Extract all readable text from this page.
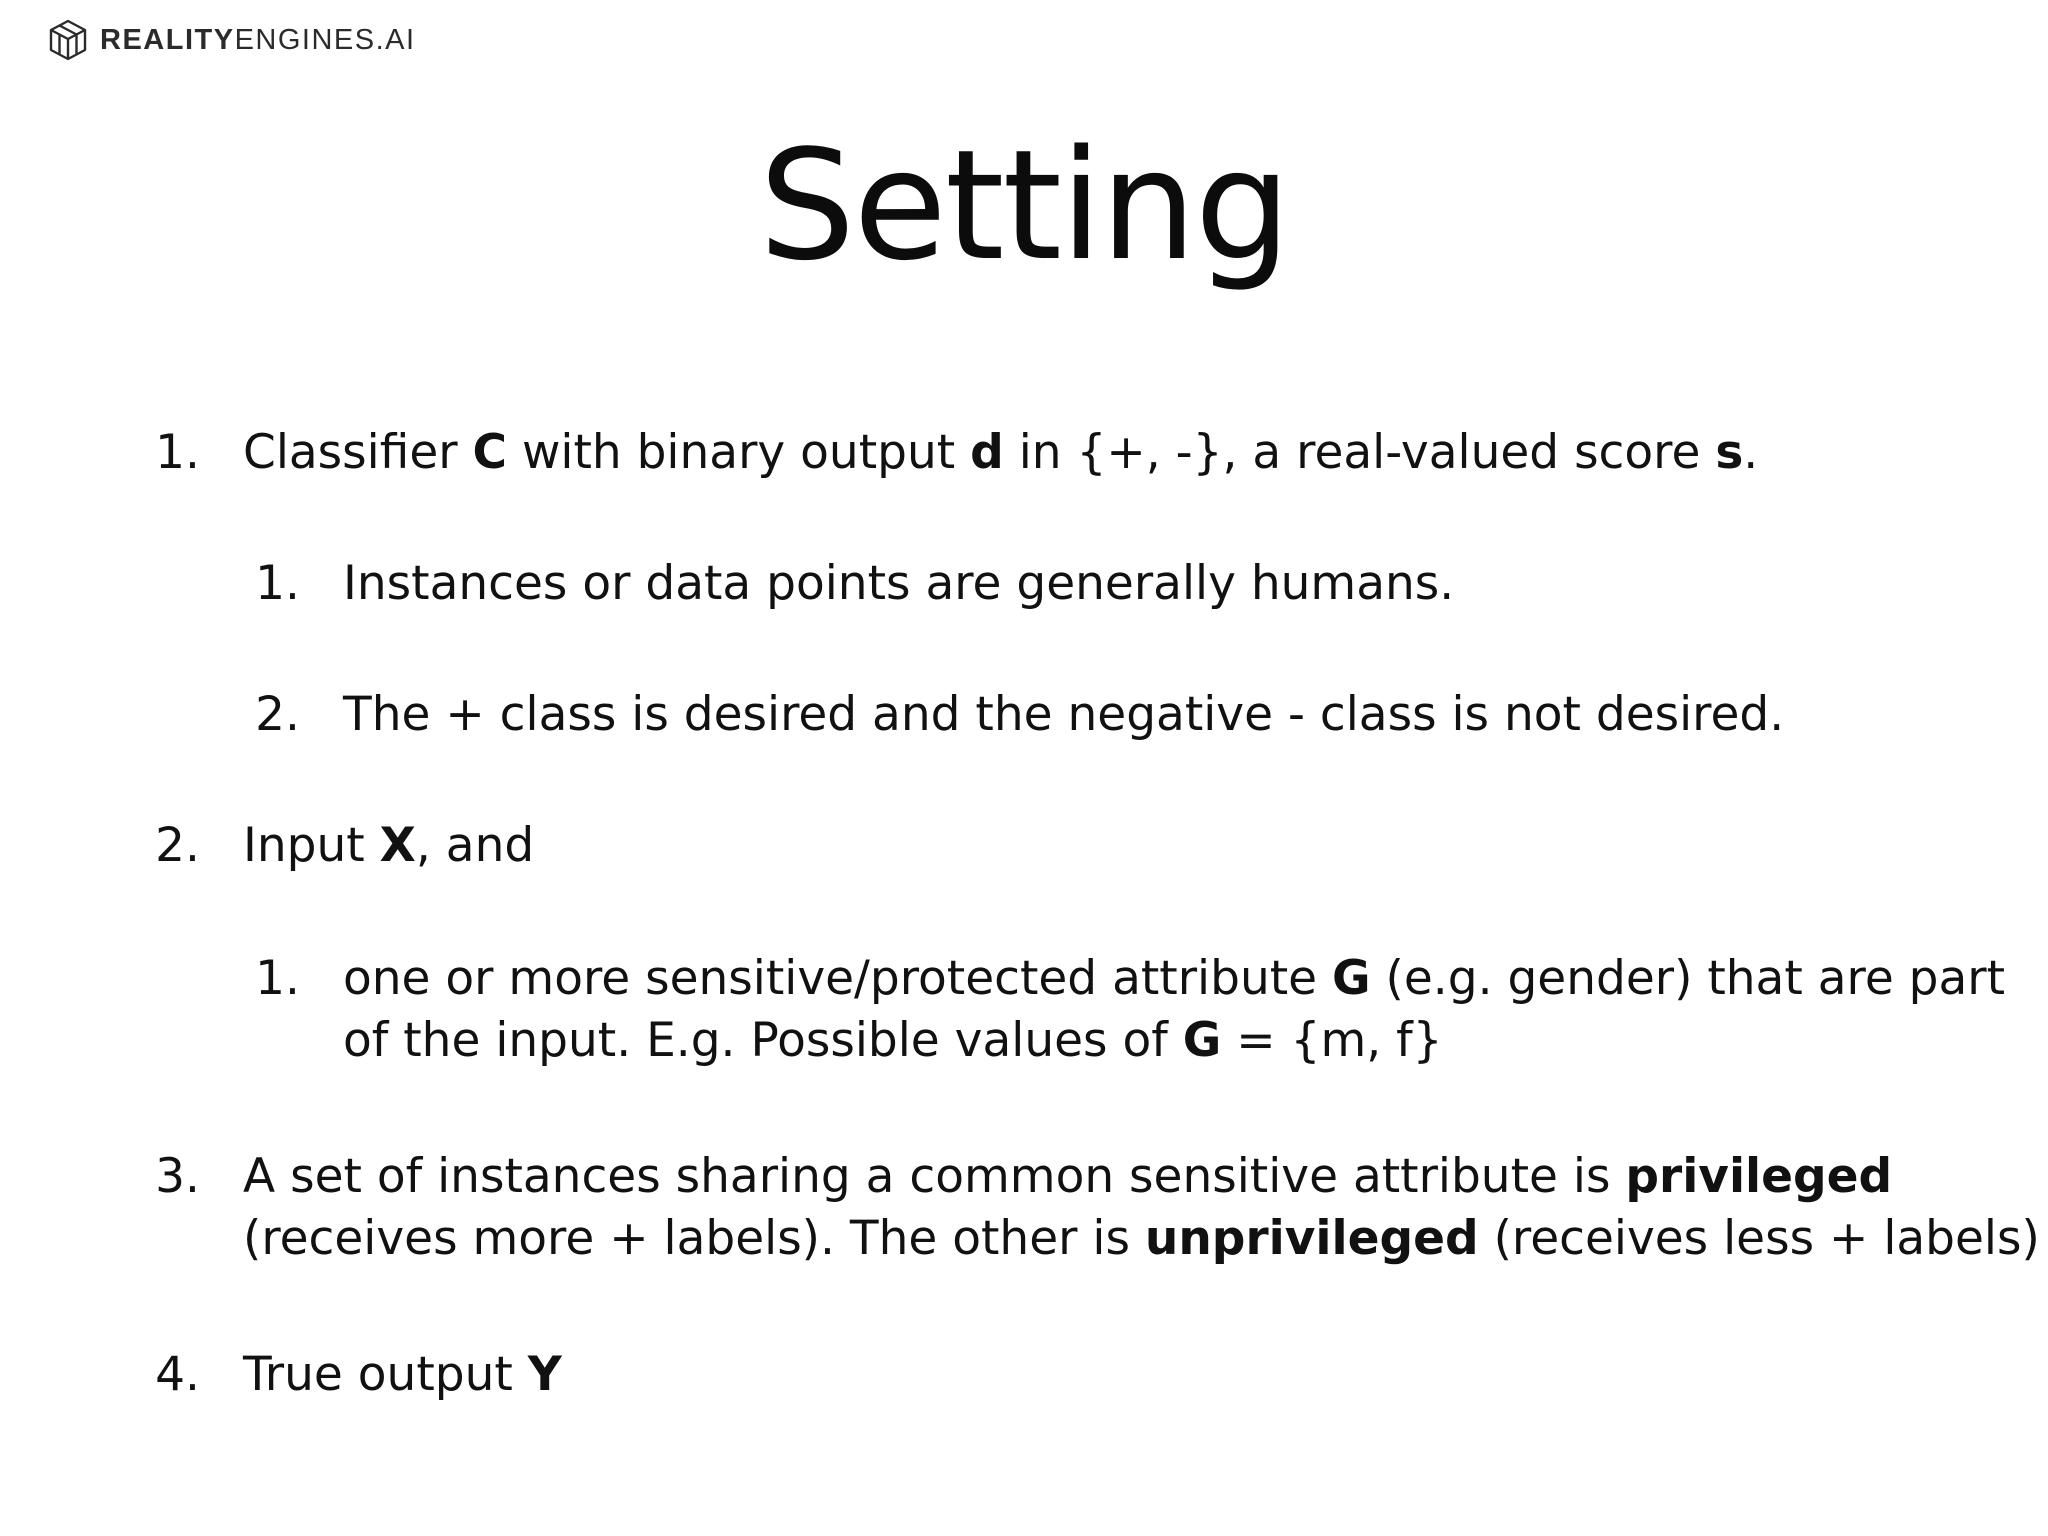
REALITYENGINES.AI
Setting
1. Classifier C with binary output d in {+, -}, a real-valued score s.
1. Instances or data points are generally humans.
2. The + class is desired and the negative - class is not desired.
2. Input X, and
1. one or more sensitive/protected attribute G (e.g. gender) that are part
of the input. E.g. Possible values of G = {m, f}
3. A set of instances sharing a common sensitive attribute is privileged
(receives more + labels). The other is unprivileged (receives less + labels)
4. True output Y
